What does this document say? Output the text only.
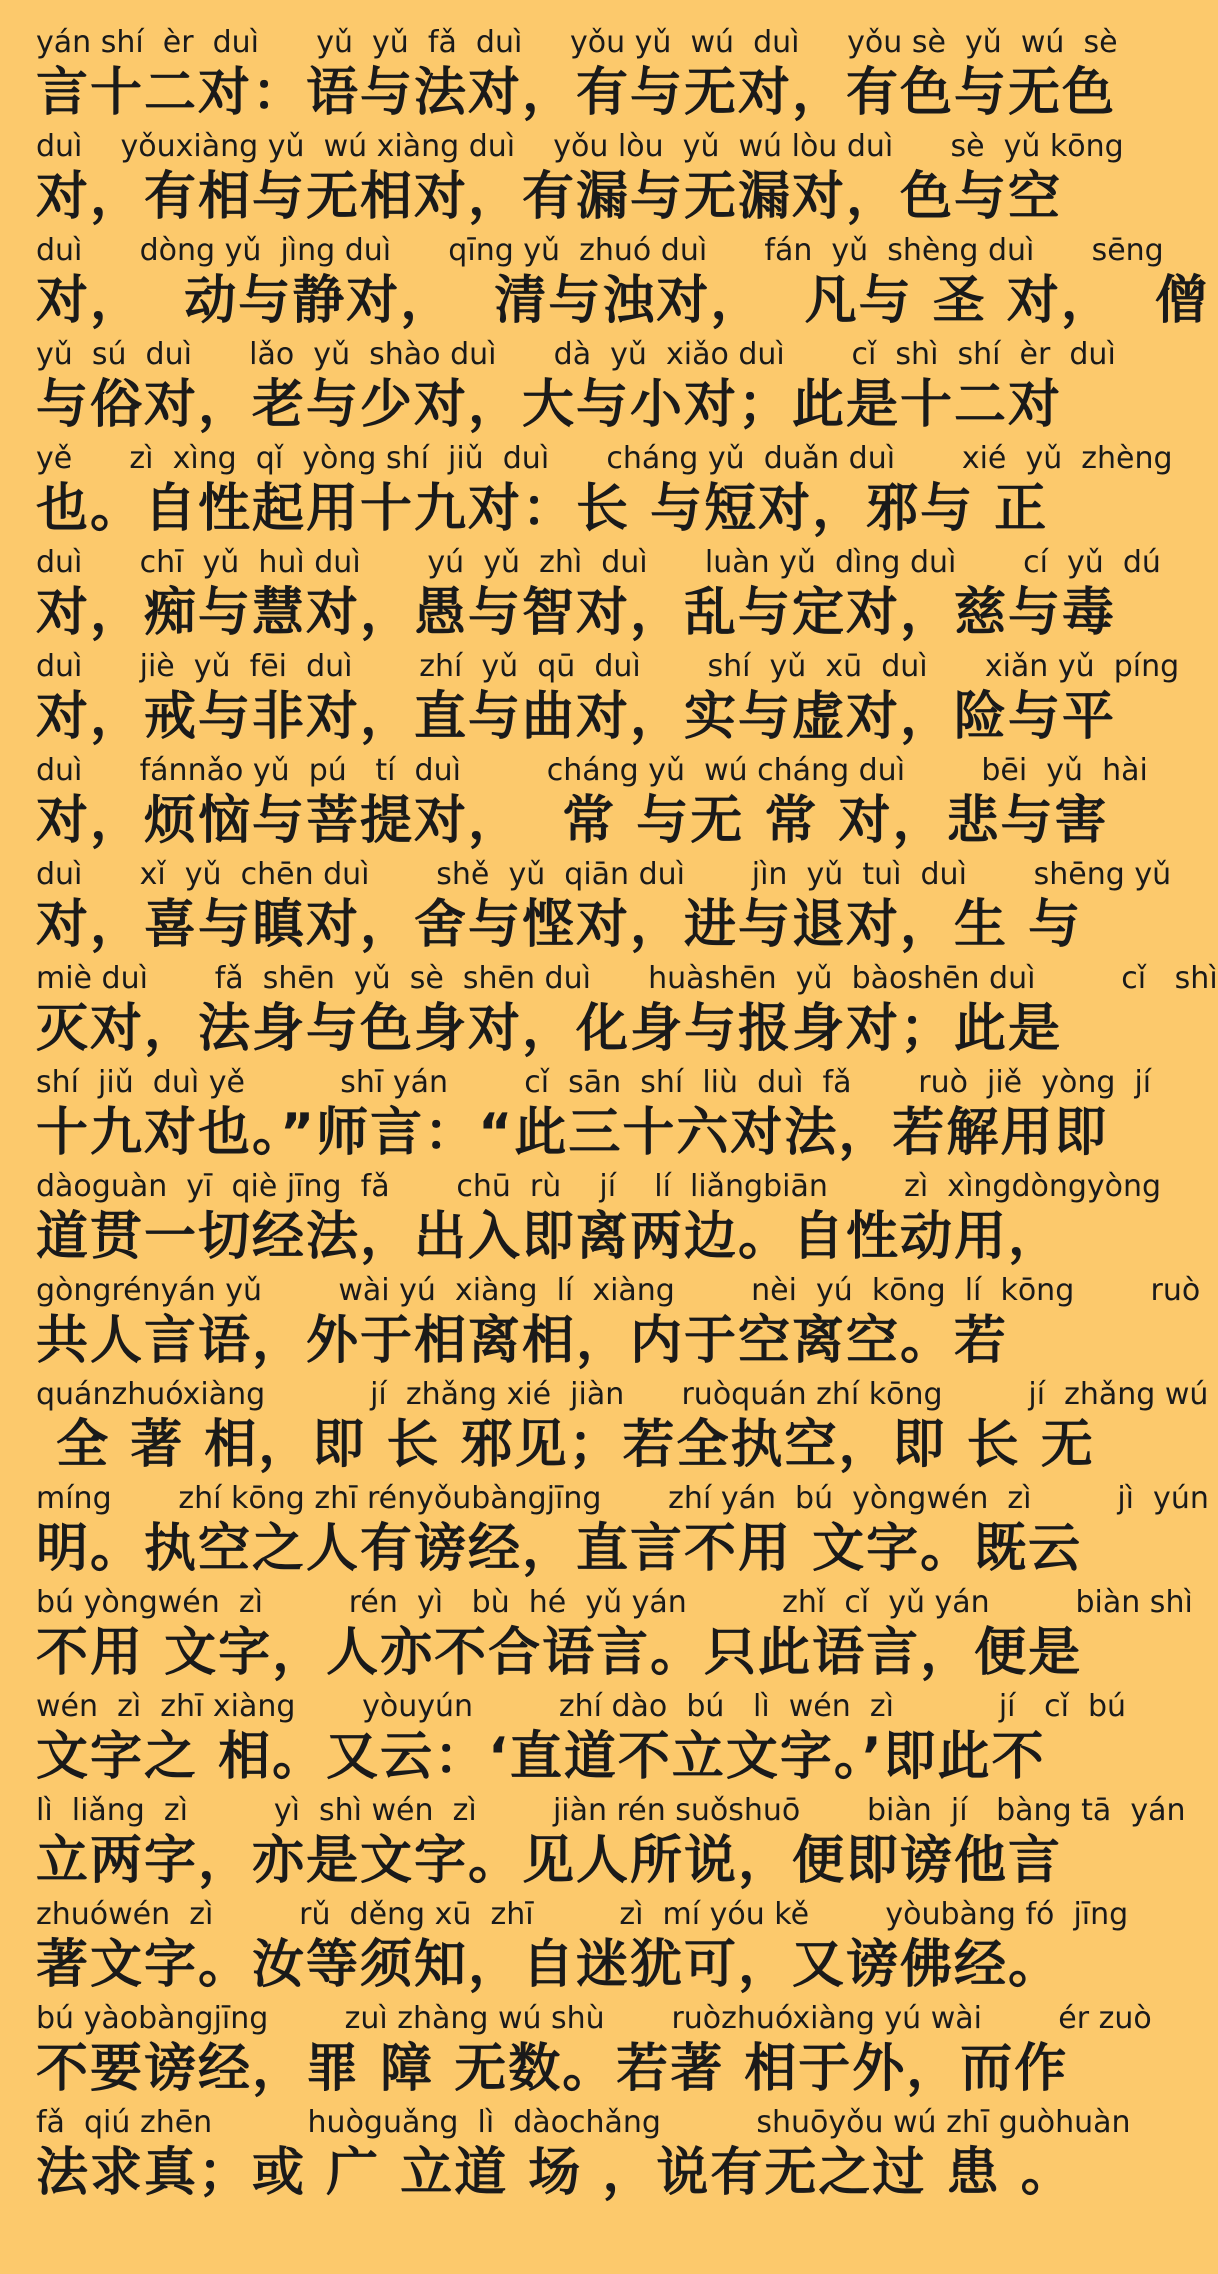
yán shí  èr  duì      yǔ  yǔ  fǎ  duì     yǒu yǔ  wú  duì     yǒu sè  yǔ  wú  sè
言十二对：语与法对，有与无对，有色与无色
duì    yǒuxiàng yǔ  wú xiàng duì    yǒu lòu  yǔ  wú lòu duì      sè  yǔ kōng
对，有相与无相对，有漏与无漏对，色与空
duì      dòng yǔ  jìng duì      qīng yǔ  zhuó duì      fán  yǔ  shèng duì      sēng
对，  动与静对，  清与浊对，  凡与 圣 对，  僧
yǔ  sú  duì      lǎo  yǔ  shào duì      dà  yǔ  xiǎo duì       cǐ  shì  shí  èr  duì
与俗对，老与少对，大与小对；此是十二对
yě      zì  xìng  qǐ  yòng shí  jiǔ  duì      cháng yǔ  duǎn duì       xié  yǔ  zhèng
也。自性起用十九对：长 与短对，邪与 正
duì      chī  yǔ  huì duì       yú  yǔ  zhì  duì      luàn yǔ  dìng duì       cí  yǔ  dú
对，痴与慧对，愚与智对，乱与定对，慈与毒
duì      jiè  yǔ  fēi  duì       zhí  yǔ  qū  duì       shí  yǔ  xū  duì      xiǎn yǔ  píng
对，戒与非对，直与曲对，实与虚对，险与平
duì      fánnǎo yǔ  pú   tí  duì         cháng yǔ  wú cháng duì        bēi  yǔ  hài
对，烦恼与菩提对，  常 与无 常 对，悲与害
duì      xǐ  yǔ  chēn duì       shě  yǔ  qiān duì       jìn  yǔ  tuì  duì       shēng yǔ
对，喜与瞋对，舍与悭对，进与退对，生 与
miè duì       fǎ  shēn  yǔ  sè  shēn duì      huàshēn  yǔ  bàoshēn duì         cǐ   shì
灭对，法身与色身对，化身与报身对；此是
shí  jiǔ  duì yě          shī yán        cǐ  sān  shí  liù  duì  fǎ       ruò  jiě  yòng  jí
十九对也。”师言：“此三十六对法，若解用即
dàoguàn  yī  qiè jīng  fǎ       chū  rù    jí    lí  liǎngbiān        zì  xìngdòngyòng
道贯一切经法，出入即离两边。自性动用，
gòngrényán yǔ        wài yú  xiàng  lí  xiàng        nèi  yú  kōng  lí  kōng        ruò
共人言语，外于相离相，内于空离空。若
quánzhuóxiàng           jí  zhǎng xié  jiàn      ruòquán zhí kōng         jí  zhǎng wú
全 著 相，即 长 邪见；若全执空，即 长 无
míng       zhí kōng zhī rényǒubàngjīng       zhí yán  bú  yòngwén  zì         jì  yún
明。执空之人有谤经，直言不用 文字。既云
bú yòngwén  zì         rén  yì   bù  hé  yǔ yán          zhǐ  cǐ  yǔ yán         biàn shì
不用 文字，人亦不合语言。只此语言，便是
wén  zì  zhī xiàng       yòuyún         zhí dào  bú   lì  wén  zì           jí   cǐ  bú
文字之 相。又云：‘直道不立文字。’即此不
lì  liǎng  zì         yì  shì wén  zì        jiàn rén suǒshuō       biàn  jí   bàng tā  yán
立两字，亦是文字。见人所说，便即谤他言
zhuówén  zì         rǔ  děng xū  zhī         zì  mí yóu kě        yòubàng fó  jīng
著文字。汝等须知，自迷犹可，又谤佛经。
bú yàobàngjīng        zuì zhàng wú shù       ruòzhuóxiàng yú wài        ér zuò
不要谤经，罪 障 无数。若著 相于外，而作
fǎ  qiú zhēn          huòguǎng  lì  dàochǎng          shuōyǒu wú zhī guòhuàn
法求真；或 广 立道 场 ，说有无之过 患 。
